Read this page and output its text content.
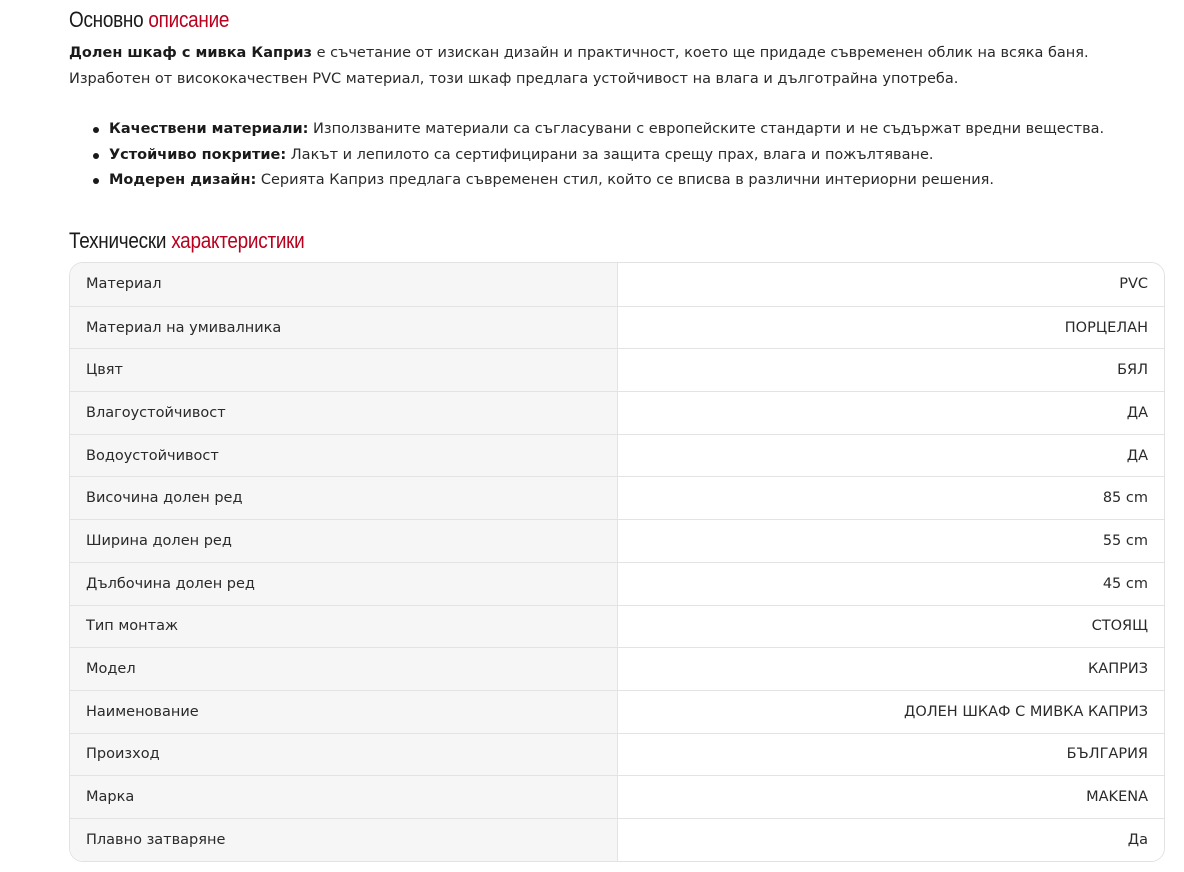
Основно описание

Долен шкаф с мивка Каприз е съчетание от изискан дизайн и практичност, което ще придаде съвременен облик на всяка баня. Изработен от висококачествен PVC материал, този шкаф предлага устойчивост на влага и дълготрайна употреба.

Качествени материали: Използваните материали са съгласувани с европейските стандарти и не съдържат вредни вещества.
Устойчиво покритие: Лакът и лепилото са сертифицирани за защита срещу прах, влага и пожълтяване.
Модерен дизайн: Серията Каприз предлага съвременен стил, който се вписва в различни интериорни решения.
Технически характеристики
Материал	PVC
Материал на умивалника	ПОРЦЕЛАН
Цвят	БЯЛ
Влагоустойчивост	ДА
Водоустойчивост	ДА
Височина долен ред	85 cm
Ширина долен ред	55 cm
Дълбочина долен ред	45 cm
Тип монтаж	СТОЯЩ
Модел	КАПРИЗ
Наименование	ДОЛЕН ШКАФ С МИВКА КАПРИЗ
Произход	БЪЛГАРИЯ
Марка	MAKENA
Плавно затваряне	Да
